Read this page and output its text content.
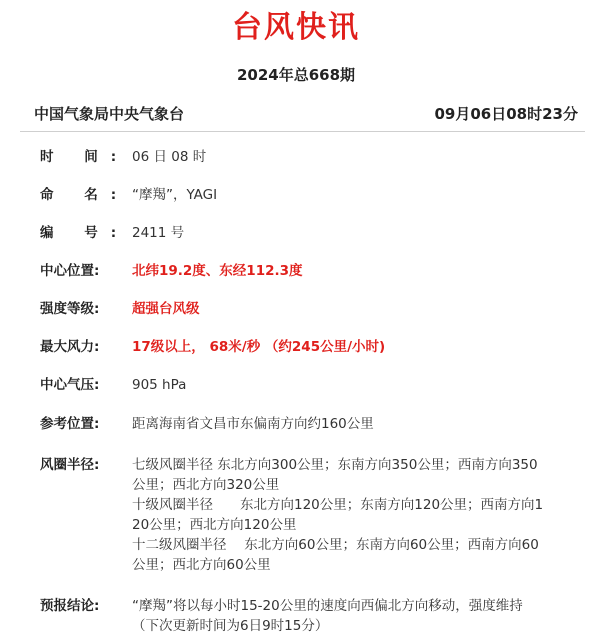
台风快讯
2024年总668期
中国气象局中央气象台	09月06日08时23分
时 间: 06 日 08 时
命 名: “摩羯”，YAGI
编 号: 2411 号
中心位置:	北纬19.2度、东经112.3度
强度等级:	超强台风级
最大风力:	17级以上， 68米/秒 （约245公里/小时)
中心气压:	905 hPa
参考位置:	距离海南省文昌市东偏南方向约160公里
风圈半径:	七级风圈半径 东北方向300公里；东南方向350公里；西南方向350
公里；西北方向320公里
十级风圈半径　　东北方向120公里；东南方向120公里；西南方向1
20公里；西北方向120公里
十二级风圈半径　 东北方向60公里；东南方向60公里；西南方向60
公里；西北方向60公里
预报结论:	“摩羯”将以每小时15-20公里的速度向西偏北方向移动，强度维持
（下次更新时间为6日9时15分）
